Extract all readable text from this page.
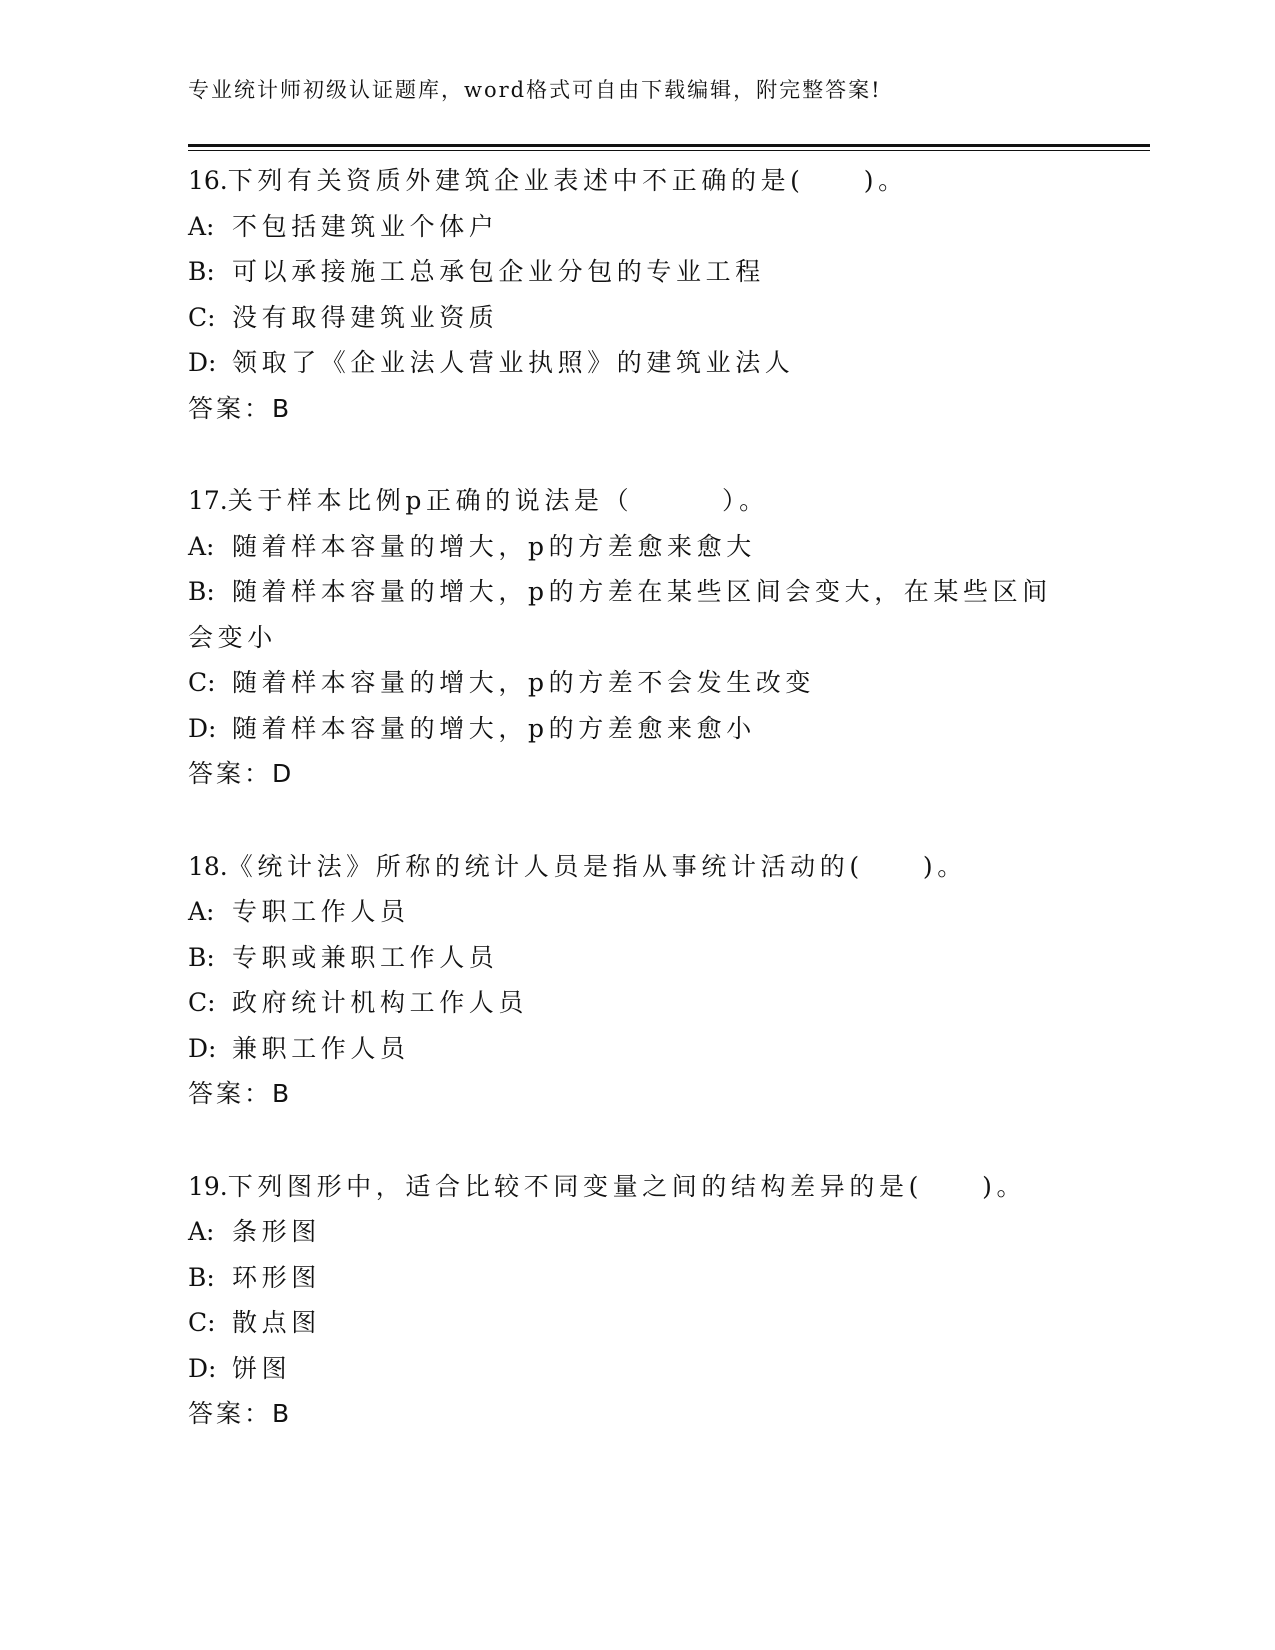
专业统计师初级认证题库，word格式可自由下载编辑，附完整答案!
16.下列有关资质外建筑企业表述中不正确的是(　　)。
A: 不包括建筑业个体户
B: 可以承接施工总承包企业分包的专业工程
C: 没有取得建筑业资质
D: 领取了《企业法人营业执照》的建筑业法人
答案：B
17.关于样本比例p正确的说法是（　　　）。
A: 随着样本容量的增大，p的方差愈来愈大
B: 随着样本容量的增大，p的方差在某些区间会变大，在某些区间会变小
C: 随着样本容量的增大，p的方差不会发生改变
D: 随着样本容量的增大，p的方差愈来愈小
答案：D
18.《统计法》所称的统计人员是指从事统计活动的(　　)。
A: 专职工作人员
B: 专职或兼职工作人员
C: 政府统计机构工作人员
D: 兼职工作人员
答案：B
19.下列图形中，适合比较不同变量之间的结构差异的是(　　)。
A: 条形图
B: 环形图
C: 散点图
D: 饼图
答案：B
